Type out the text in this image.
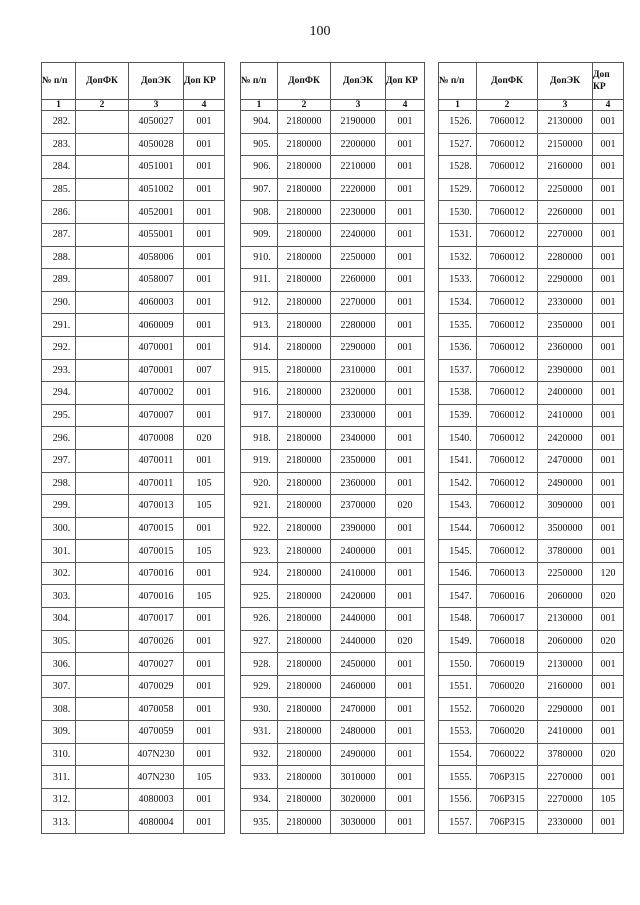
100
№ п/п	ДопФК	ДопЭК	Доп КР
1	2	3	4
282.		4050027	001
283.		4050028	001
284.		4051001	001
285.		4051002	001
286.		4052001	001
287.		4055001	001
288.		4058006	001
289.		4058007	001
290.		4060003	001
291.		4060009	001
292.		4070001	001
293.		4070001	007
294.		4070002	001
295.		4070007	001
296.		4070008	020
297.		4070011	001
298.		4070011	105
299.		4070013	105
300.		4070015	001
301.		4070015	105
302.		4070016	001
303.		4070016	105
304.		4070017	001
305.		4070026	001
306.		4070027	001
307.		4070029	001
308.		4070058	001
309.		4070059	001
310.		407N230	001
311.		407N230	105
312.		4080003	001
313.		4080004	001
№ п/п	ДопФК	ДопЭК	Доп КР
1	2	3	4
904.	2180000	2190000	001
905.	2180000	2200000	001
906.	2180000	2210000	001
907.	2180000	2220000	001
908.	2180000	2230000	001
909.	2180000	2240000	001
910.	2180000	2250000	001
911.	2180000	2260000	001
912.	2180000	2270000	001
913.	2180000	2280000	001
914.	2180000	2290000	001
915.	2180000	2310000	001
916.	2180000	2320000	001
917.	2180000	2330000	001
918.	2180000	2340000	001
919.	2180000	2350000	001
920.	2180000	2360000	001
921.	2180000	2370000	020
922.	2180000	2390000	001
923.	2180000	2400000	001
924.	2180000	2410000	001
925.	2180000	2420000	001
926.	2180000	2440000	001
927.	2180000	2440000	020
928.	2180000	2450000	001
929.	2180000	2460000	001
930.	2180000	2470000	001
931.	2180000	2480000	001
932.	2180000	2490000	001
933.	2180000	3010000	001
934.	2180000	3020000	001
935.	2180000	3030000	001
№ п/п	ДопФК	ДопЭК	Доп КР
1	2	3	4
1526.	7060012	2130000	001
1527.	7060012	2150000	001
1528.	7060012	2160000	001
1529.	7060012	2250000	001
1530.	7060012	2260000	001
1531.	7060012	2270000	001
1532.	7060012	2280000	001
1533.	7060012	2290000	001
1534.	7060012	2330000	001
1535.	7060012	2350000	001
1536.	7060012	2360000	001
1537.	7060012	2390000	001
1538.	7060012	2400000	001
1539.	7060012	2410000	001
1540.	7060012	2420000	001
1541.	7060012	2470000	001
1542.	7060012	2490000	001
1543.	7060012	3090000	001
1544.	7060012	3500000	001
1545.	7060012	3780000	001
1546.	7060013	2250000	120
1547.	7060016	2060000	020
1548.	7060017	2130000	001
1549.	7060018	2060000	020
1550.	7060019	2130000	001
1551.	7060020	2160000	001
1552.	7060020	2290000	001
1553.	7060020	2410000	001
1554.	7060022	3780000	020
1555.	706P315	2270000	001
1556.	706P315	2270000	105
1557.	706P315	2330000	001
